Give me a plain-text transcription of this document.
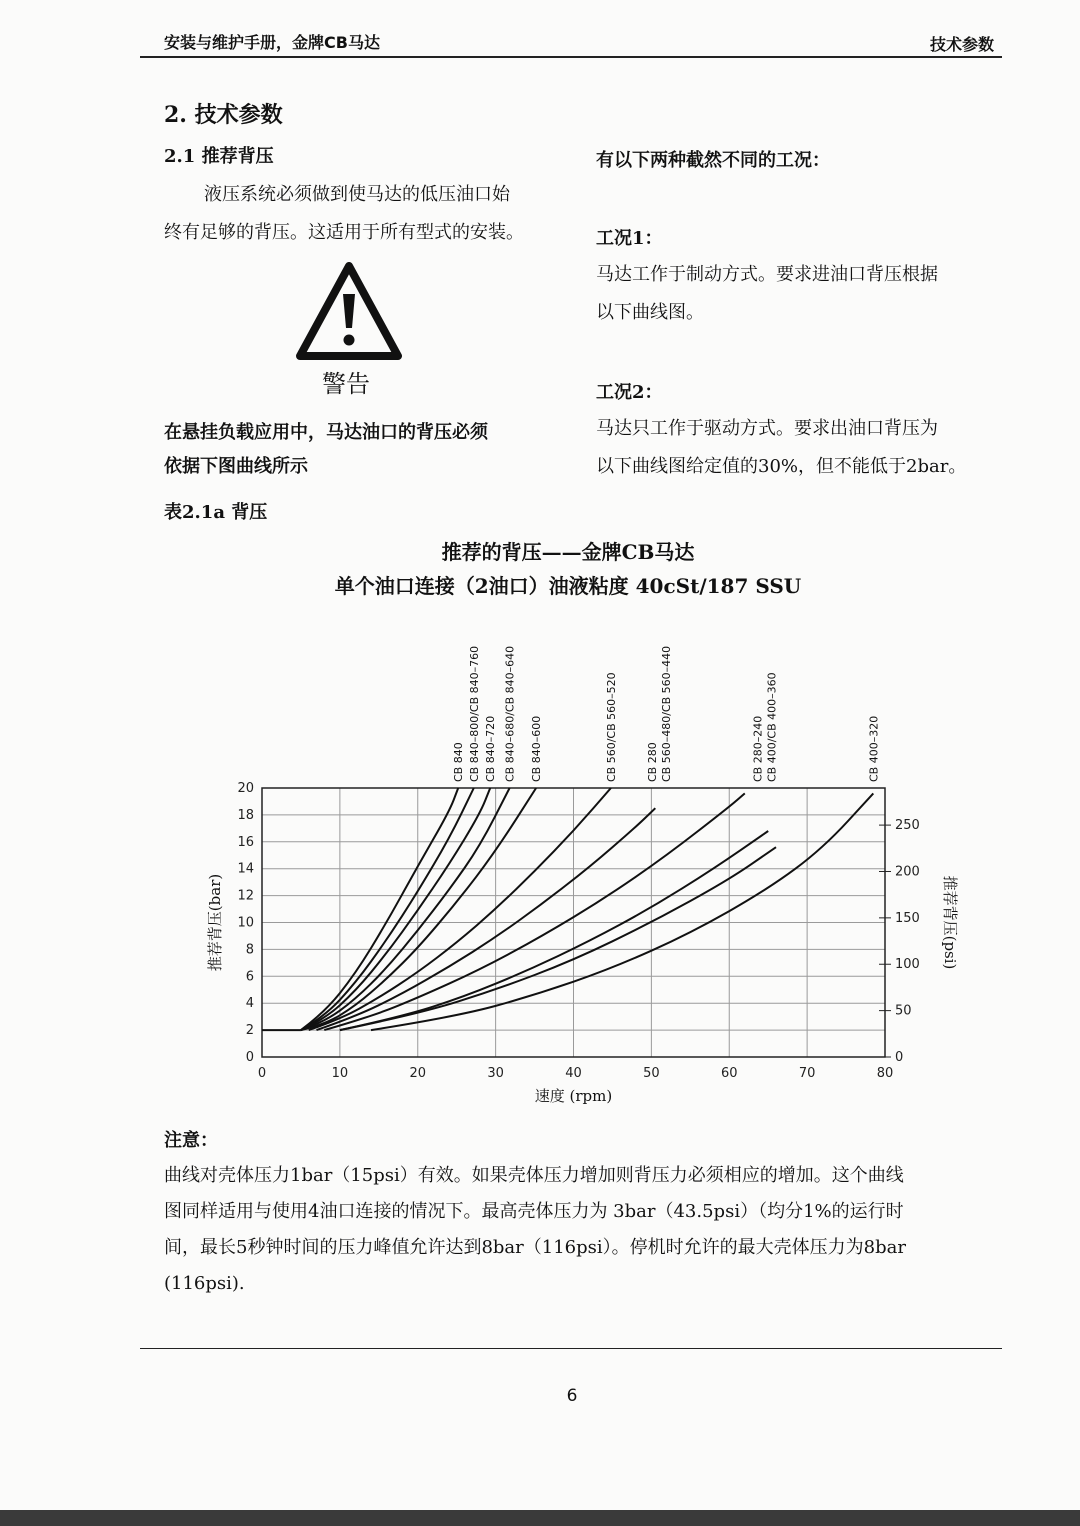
安装与维护手册，金牌CB马达	技术参数
2. 技术参数
2.1 推荐背压
液压系统必须做到使马达的低压油口始
终有足够的背压。这适用于所有型式的安装。
警告
在悬挂负载应用中，马达油口的背压必须
依据下图曲线所示
表2.1a 背压
有以下两种截然不同的工况：
工况1：
马达工作于制动方式。要求进油口背压根据
以下曲线图。
工况2：
马达只工作于驱动方式。要求出油口背压为
以下曲线图给定值的30%，但不能低于2bar。
推荐的背压——金牌CB马达
单个油口连接（2油口）油液粘度 40cSt/187 SSU
0	10	20	30	40	50	60	70	80
0
2
4
6
8
10
12
14
16
18
20
0
50
100
150
200
250
速度 (rpm)
推荐背压(bar)	推荐背压(psi)
CB 840 CB 840–800/CB 840–760 CB 840–720 CB 840–680/CB 840–640 CB 840–600	CB 560/CB 560–520	CB 280 CB 560–480/CB 560–440	CB 280–240 CB 400/CB 400–360	CB 400–320
注意：
曲线对壳体压力1bar（15psi）有效。如果壳体压力增加则背压力必须相应的增加。这个曲线
图同样适用与使用4油口连接的情况下。最高壳体压力为 3bar（43.5psi）（均分1%的运行时
间，最长5秒钟时间的压力峰值允许达到8bar（116psi）。停机时允许的最大壳体压力为8bar
(116psi).
6
